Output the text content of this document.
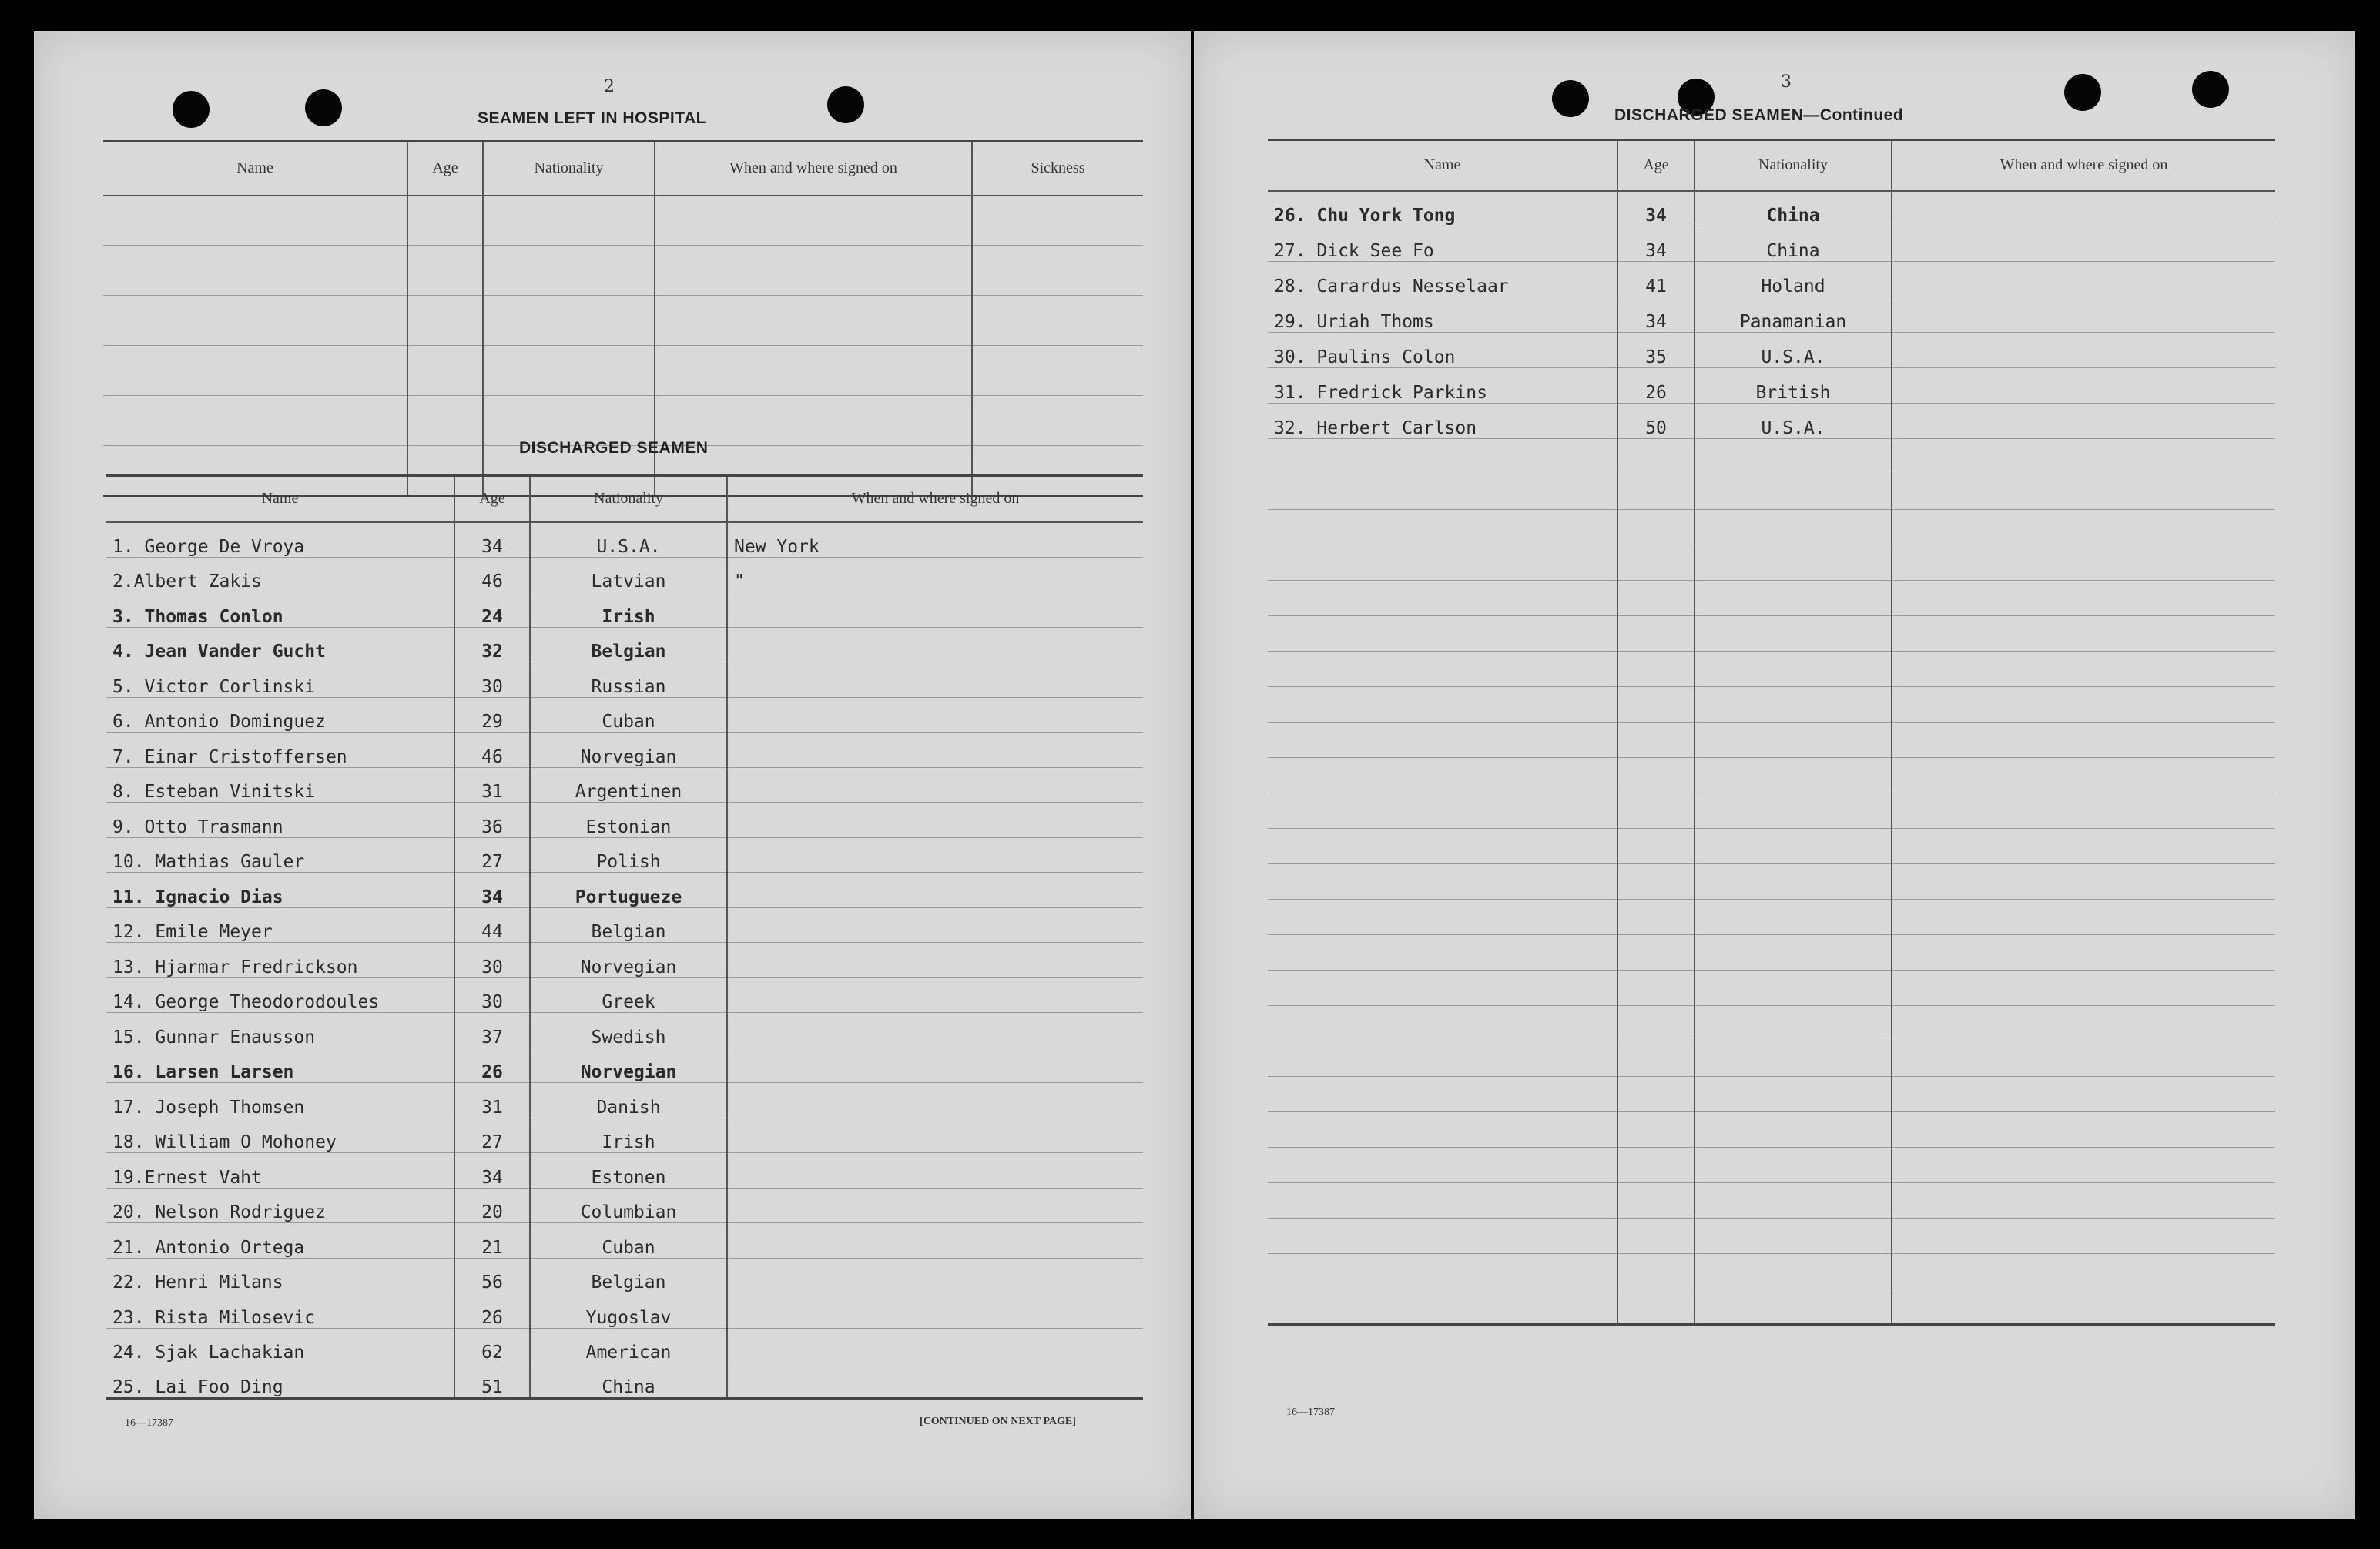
2
SEAMEN LEFT IN HOSPITAL
Name	Age	Nationality	When and where signed on	Sickness

DISCHARGED SEAMEN
Name	Age	Nationality	When and where signed on
1. George De Vroya	34	U.S.A.	New York
2.Albert Zakis	46	Latvian	"
3. Thomas Conlon	24	Irish	
4. Jean Vander Gucht	32	Belgian	
5. Victor Corlinski	30	Russian	
6. Antonio Dominguez	29	Cuban	
7. Einar Cristoffersen	46	Norvegian	
8. Esteban Vinitski	31	Argentinen	
9. Otto Trasmann	36	Estonian	
10. Mathias Gauler	27	Polish	
11. Ignacio Dias	34	Portugueze	
12. Emile Meyer	44	Belgian	
13. Hjarmar Fredrickson	30	Norvegian	
14. George Theodorodoules	30	Greek	
15. Gunnar Enausson	37	Swedish	
16. Larsen Larsen	26	Norvegian	
17. Joseph Thomsen	31	Danish	
18. William O Mohoney	27	Irish	
19.Ernest Vaht	34	Estonen	
20. Nelson Rodriguez	20	Columbian	
21. Antonio Ortega	21	Cuban	
22. Henri Milans	56	Belgian	
23. Rista Milosevic	26	Yugoslav	
24. Sjak Lachakian	62	American	
25. Lai Foo Ding	51	China	
16—17387	[CONTINUED ON NEXT PAGE]
3
DISCHARGED SEAMEN—Continued
Name	Age	Nationality	When and where signed on
26. Chu York Tong	34	China	
27. Dick See Fo	34	China	
28. Carardus Nesselaar	41	Holand	
29. Uriah Thoms	34	Panamanian	
30. Paulins Colon	35	U.S.A.	
31. Fredrick Parkins	26	British	
32. Herbert Carlson	50	U.S.A.	

16—17387
